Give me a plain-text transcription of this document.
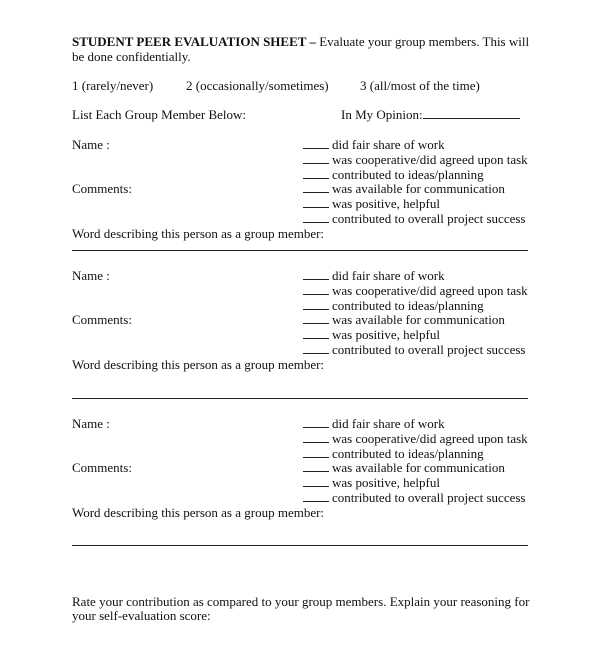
STUDENT PEER EVALUATION SHEET – Evaluate your group members. This will
be done confidentially.
1 (rarely/never)	2 (occasionally/sometimes) 3 (all/most of the time)
List Each Group Member Below:	In My Opinion:
Name :
Comments:
did fair share of work
was cooperative/did agreed upon task
contributed to ideas/planning
was available for communication
was positive, helpful
contributed to overall project success
Word describing this person as a group member:
Name :
Comments:
did fair share of work
was cooperative/did agreed upon task
contributed to ideas/planning
was available for communication
was positive, helpful
contributed to overall project success
Word describing this person as a group member:
Name :
Comments:
did fair share of work
was cooperative/did agreed upon task
contributed to ideas/planning
was available for communication
was positive, helpful
contributed to overall project success
Word describing this person as a group member:
Rate your contribution as compared to your group members. Explain your reasoning for
your self-evaluation score:
